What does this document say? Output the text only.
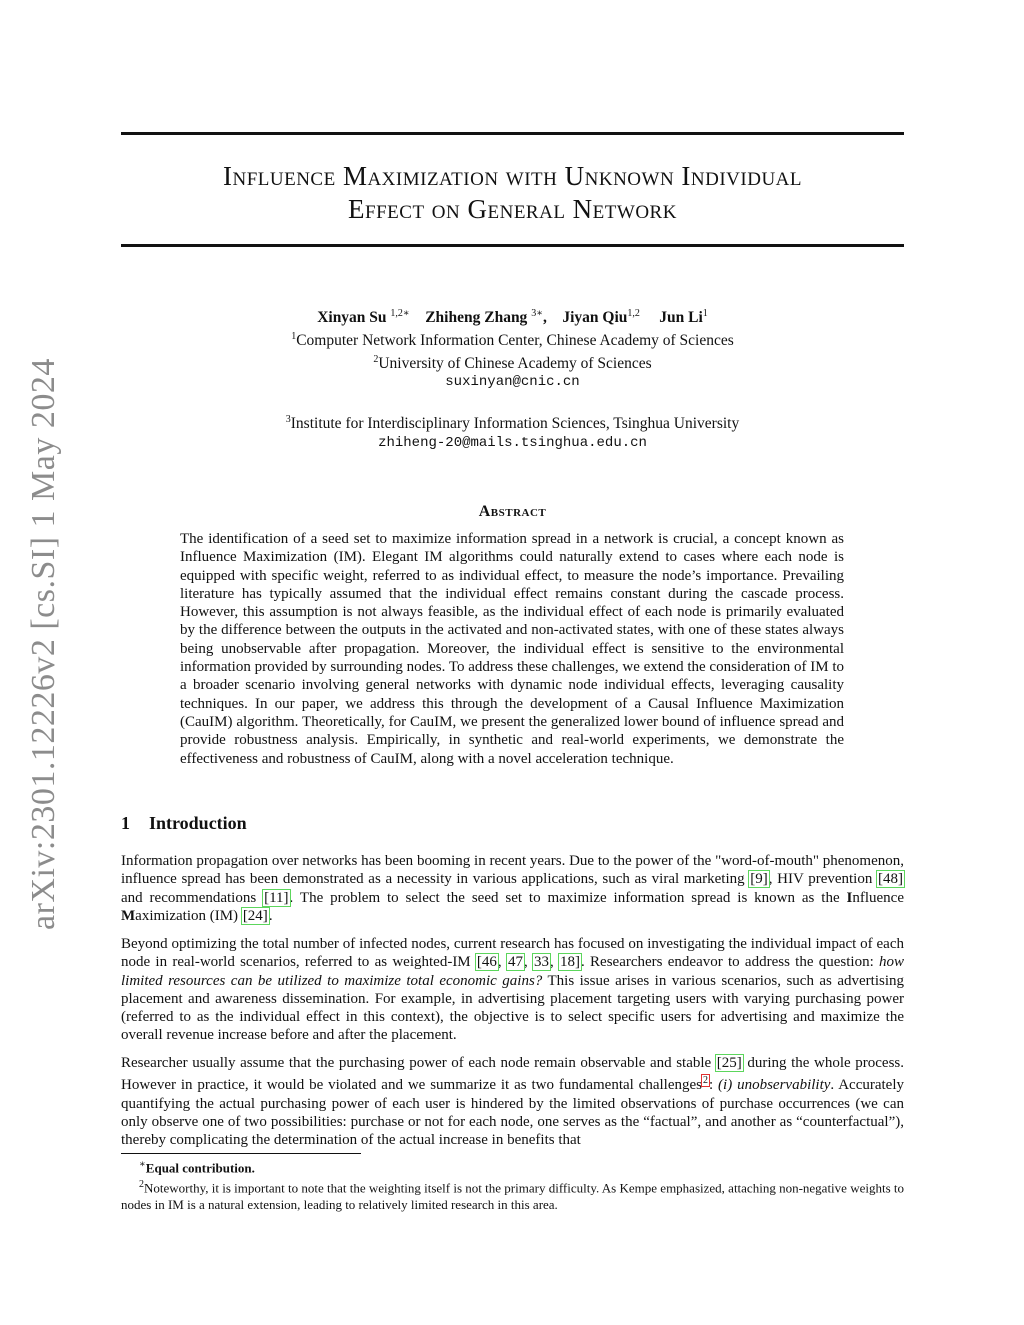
arXiv:2301.12226v2 [cs.SI] 1 May 2024
Influence Maximization with Unknown Individual
Effect on General Network
Xinyan Su $^{1,2∗}$ Zhiheng Zhang $^{3∗}$, Jiyan Qiu$^{1,2}$ Jun Li$^1$
$^1$Computer Network Information Center, Chinese Academy of Sciences
$^2$University of Chinese Academy of Sciences
suxinyan@cnic.cn
$^3$Institute for Interdisciplinary Information Sciences, Tsinghua University
zhiheng-20@mails.tsinghua.edu.cn
Abstract
The identification of a seed set to maximize information spread in a network is crucial, a concept known as Influence Maximization (IM). Elegant IM algorithms could naturally extend to cases where each node is equipped with specific weight, referred to as individual effect, to measure the node’s importance. Prevailing literature has typically assumed that the individual effect remains constant during the cascade process. However, this assumption is not always feasible, as the individual effect of each node is primarily evaluated by the difference between the outputs in the activated and non-activated states, with one of these states always being unobservable after propagation. Moreover, the individual effect is sensitive to the environmental information provided by surrounding nodes. To address these challenges, we extend the consideration of IM to a broader scenario involving general networks with dynamic node individual effects, leveraging causality techniques. In our paper, we address this through the development of a Causal Influence Maximization (CauIM) algorithm. Theoretically, for CauIM, we present the generalized lower bound of influence spread and provide robustness analysis. Empirically, in synthetic and real-world experiments, we demonstrate the effectiveness and robustness of CauIM, along with a novel acceleration technique.
1 Introduction

Information propagation over networks has been booming in recent years. Due to the power of the "word-of-mouth" phenomenon, influence spread has been demonstrated as a necessity in various applications, such as viral marketing [9], HIV prevention [48] and recommendations [11]. The problem to select the seed set to maximize information spread is known as the Influence Maximization (IM) [24].

Beyond optimizing the total number of infected nodes, current research has focused on investigating the individual impact of each node in real-world scenarios, referred to as weighted-IM [46, 47, 33, 18]. Researchers endeavor to address the question: how limited resources can be utilized to maximize total economic gains? This issue arises in various scenarios, such as advertising placement and awareness dissemination. For example, in advertising placement targeting users with varying purchasing power (referred to as the individual effect in this context), the objective is to select specific users for advertising and maximize the overall revenue increase before and after the placement.

Researcher usually assume that the purchasing power of each node remain observable and stable [25] during the whole process. However in practice, it would be violated and we summarize it as two fundamental challenges$^2$: (i) unobservability. Accurately quantifying the actual purchasing power of each user is hindered by the limited observations of purchase occurrences (we can only observe one of two possibilities: purchase or not for each node, one serves as the “factual”, and another as “counterfactual”), thereby complicating the determination of the actual increase in benefits that

∗Equal contribution.
$^2$Noteworthy, it is important to note that the weighting itself is not the primary difficulty. As Kempe emphasized, attaching non-negative weights to nodes in IM is a natural extension, leading to relatively limited research in this area.
